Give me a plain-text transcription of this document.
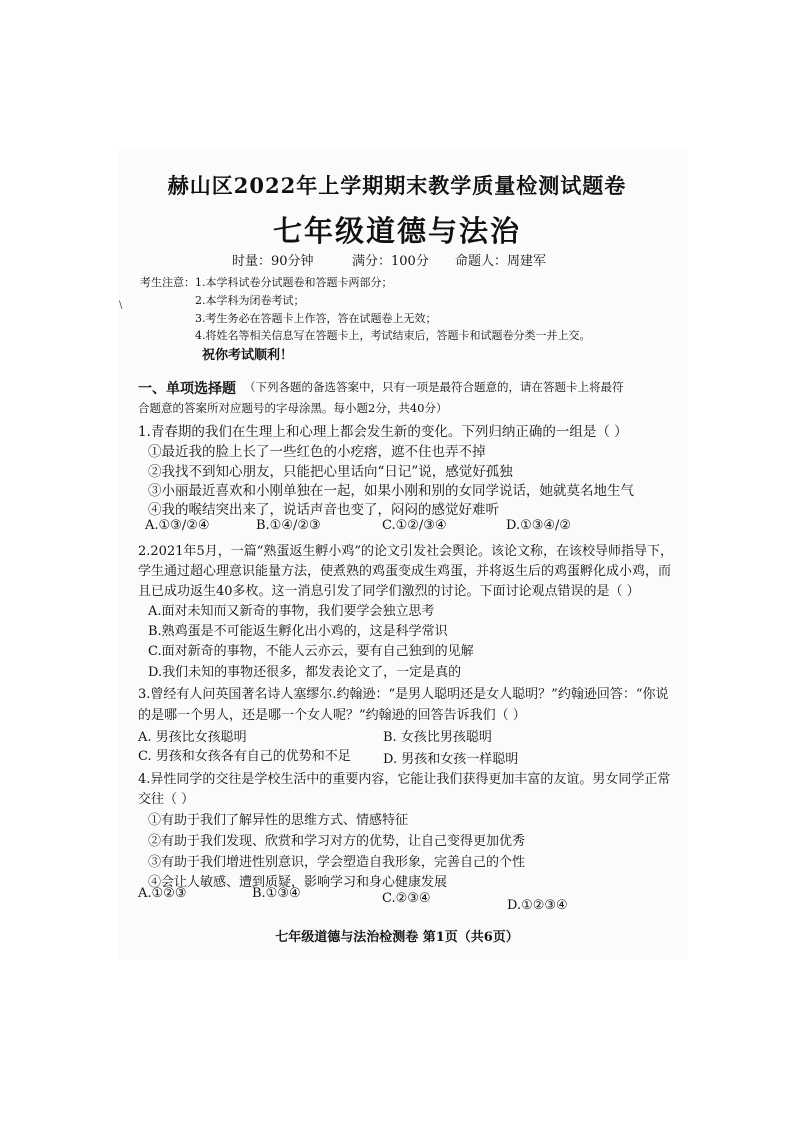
赫山区2022年上学期期末教学质量检测试题卷
七年级道德与法治
时量：90分钟	满分：100分 命题人：周建军
\
考生注意： 1.本学科试卷分试题卷和答题卡两部分；
2.本学科为闭卷考试；
3.考生务必在答题卡上作答，答在试题卷上无效；
4.将姓名等相关信息写在答题卡上，考试结束后，答题卡和试题卷分类一并上交。
祝你考试顺利！
一、单项选择题 （下列各题的备选答案中，只有一项是最符合题意的，请在答题卡上将最符
合题意的答案所对应题号的字母涂黑。每小题2分，共40分）
1.青春期的我们在生理上和心理上都会发生新的变化。下列归纳正确的一组是（ ）
①最近我的脸上长了一些红色的小疙瘩，遮不住也弄不掉
②我找不到知心朋友，只能把心里话向“日记”说，感觉好孤独
③小丽最近喜欢和小刚单独在一起，如果小刚和别的女同学说话，她就莫名地生气
④我的喉结突出来了，说话声音也变了，闷闷的感觉好难听
A.①③/②④	B.①④/②③	C.①②/③④	D.①③④/②
2.2021年5月，一篇“熟蛋返生孵小鸡”的论文引发社会舆论。该论文称，在该校导师指导下，
学生通过超心理意识能量方法，使煮熟的鸡蛋变成生鸡蛋，并将返生后的鸡蛋孵化成小鸡，而
且已成功返生40多枚。这一消息引发了同学们激烈的讨论。下面讨论观点错误的是（ ）
A.面对未知而又新奇的事物，我们要学会独立思考
B.熟鸡蛋是不可能返生孵化出小鸡的，这是科学常识
C.面对新奇的事物，不能人云亦云，要有自己独到的见解
D.我们未知的事物还很多，都发表论文了，一定是真的
3.曾经有人问英国著名诗人塞缪尔.约翰逊：“是男人聪明还是女人聪明？”约翰逊回答：“你说
的是哪一个男人，还是哪一个女人呢？”约翰逊的回答告诉我们（ ）
A. 男孩比女孩聪明	B. 女孩比男孩聪明
C. 男孩和女孩各有自己的优势和不足 D. 男孩和女孩一样聪明
4.异性同学的交往是学校生活中的重要内容，它能让我们获得更加丰富的友谊。男女同学正常
交往（ ）
①有助于我们了解异性的思维方式、情感特征
②有助于我们发现、欣赏和学习对方的优势，让自己变得更加优秀
③有助于我们增进性别意识，学会塑造自我形象，完善自己的个性
④会让人敏感、遭到质疑，影响学习和身心健康发展
A.①②③	B.①③④	C.②③④	D.①②③④
七年级道德与法治检测卷 第1页（共6页）
